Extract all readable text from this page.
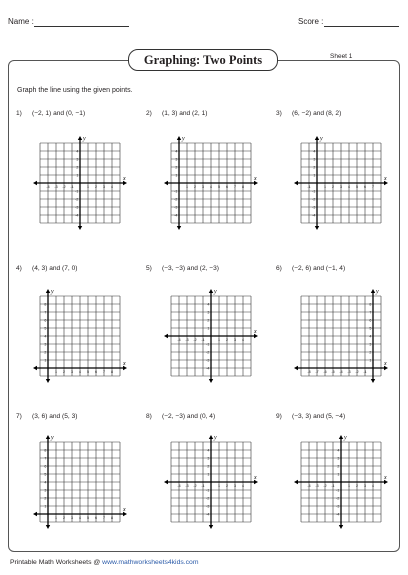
Name :	Score :
Graphing: Two Points	Sheet 1
Graph the line using the given points.
1) (−2, 1) and (0, −1)	2) (1, 3) and (2, 1)	3) (6, −2) and (8, 2)
4) (4, 3) and (7, 0)	5) (−3, −3) and (2, −3)	6) (−2, 6) and (−1, 4)
7) (3, 6) and (5, 3)	8) (−2, −3) and (0, 4)	9) (−3, 3) and (5, −4)
-4 -3 -2 -1	1 2 3 4
-4
-3
-2
-1
1
2
3
4
x
y
1 2 3 4 5 6 7 8
-4
-3
-2
-1
1
2
3
4
x
y
-1	1 2 3 4 5 6 7
-4
-3
-2
-1
1
2
3
4
x
y
1 2 3 4 5 6 7 8
1
2
3
4
5
6
7
8
x
y
-4 -3 -2 -1	1 2 3 4
-4
-3
-2
-1
1
2
3
4
x
y
-8 -7 -6 -5 -4 -3 -2 -1
1
2
3
4
5
6
7
8
x
y
1 2 3 4 5 6 7 8
1
2
3
4
5
6
7
8
x
y
-4 -3 -2 -1	1 2 3 4
-4
-3
-2
-1
1
2
3
4
x
y
-4 -3 -2 -1	1 2 3 4
-4
-3
-2
-1
1
2
3
4
x
y
Printable Math Worksheets @ www.mathworksheets4kids.com
